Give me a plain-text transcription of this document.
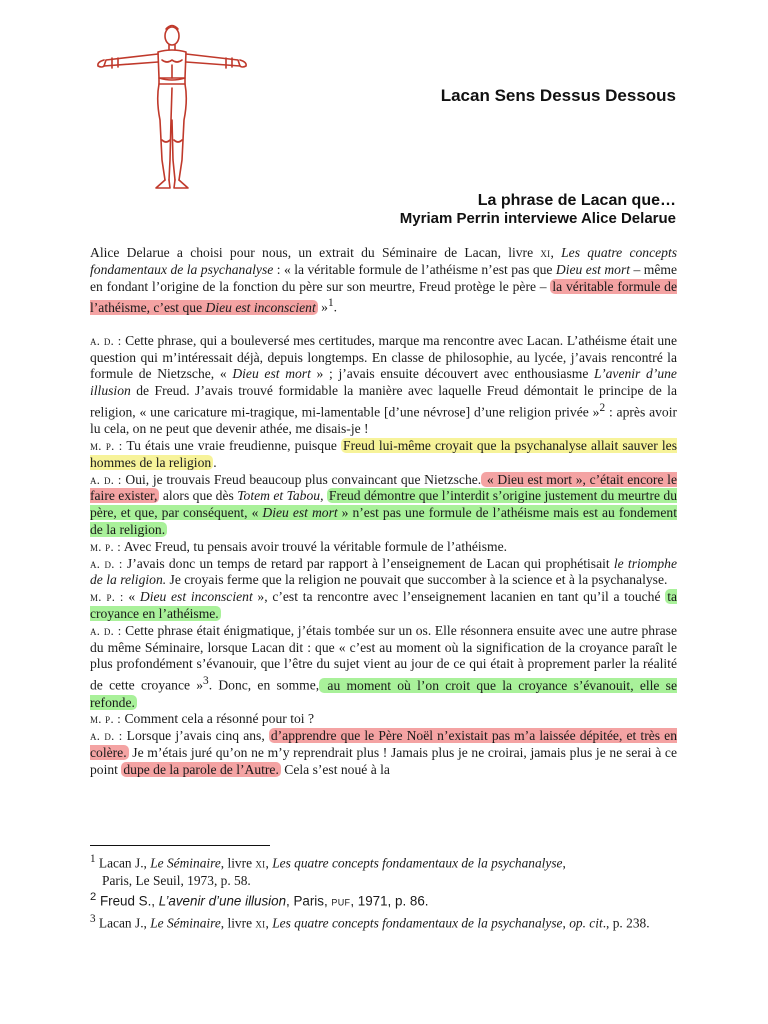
Lacan Sens Dessus Dessous
La phrase de Lacan que…
Myriam Perrin interviewe Alice Delarue

Alice Delarue a choisi pour nous, un extrait du Séminaire de Lacan, livre xi, Les quatre concepts fondamentaux de la psychanalyse : « la véritable formule de l’athéisme n’est pas que Dieu est mort – même en fondant l’origine de la fonction du père sur son meurtre, Freud protège le père – la véritable formule de l’athéisme, c’est que Dieu est inconscient »$^1$.

a. d. : Cette phrase, qui a bouleversé mes certitudes, marque ma rencontre avec Lacan. L’athéisme était une question qui m’intéressait déjà, depuis longtemps. En classe de philosophie, au lycée, j’avais rencontré la formule de Nietzsche, « Dieu est mort » ; j’avais ensuite découvert avec enthousiasme L’avenir d’une illusion de Freud. J’avais trouvé formidable la manière avec laquelle Freud démontait le principe de la religion, « une caricature mi-tragique, mi-lamentable [d’une névrose] d’une religion privée »$^2$ : après avoir lu cela, on ne peut que devenir athée, me disais-je !

m. p. : Tu étais une vraie freudienne, puisque Freud lui-même croyait que la psychanalyse allait sauver les hommes de la religion .

a. d. : Oui, je trouvais Freud beaucoup plus convaincant que Nietzsche. « Dieu est mort », c’était encore le faire exister, alors que dès Totem et Tabou, Freud démontre que l’interdit s’origine justement du meurtre du père, et que, par conséquent, « Dieu est mort » n’est pas une formule de l’athéisme mais est au fondement de la religion.

m. p. : Avec Freud, tu pensais avoir trouvé la véritable formule de l’athéisme.

a. d. : J’avais donc un temps de retard par rapport à l’enseignement de Lacan qui prophétisait le triomphe de la religion. Je croyais ferme que la religion ne pouvait que succomber à la science et à la psychanalyse.

m. p. : « Dieu est inconscient », c’est ta rencontre avec l’enseignement lacanien en tant qu’il a touché ta croyance en l’athéisme.

a. d. : Cette phrase était énigmatique, j’étais tombée sur un os. Elle résonnera ensuite avec une autre phrase du même Séminaire, lorsque Lacan dit : que « c’est au moment où la signification de la croyance paraît le plus profondément s’évanouir, que l’être du sujet vient au jour de ce qui était à proprement parler la réalité de cette croyance »$^3$. Donc, en somme, au moment où l’on croit que la croyance s’évanouit, elle se refonde.

m. p. : Comment cela a résonné pour toi ?

a. d. : Lorsque j’avais cinq ans, d’apprendre que le Père Noël n’existait pas m’a laissée dépitée, et très en colère. Je m’étais juré qu’on ne m’y reprendrait plus ! Jamais plus je ne croirai, jamais plus je ne serai à ce point dupe de la parole de l’Autre. Cela s’est noué à la

$^1$ Lacan J., Le Séminaire, livre xi, Les quatre concepts fondamentaux de la psychanalyse,
Paris, Le Seuil, 1973, p. 58.

$^2$ Freud S., L’avenir d’une illusion, Paris, puf, 1971, p. 86.

$^3$ Lacan J., Le Séminaire, livre xi, Les quatre concepts fondamentaux de la psychanalyse, op. cit., p. 238.
